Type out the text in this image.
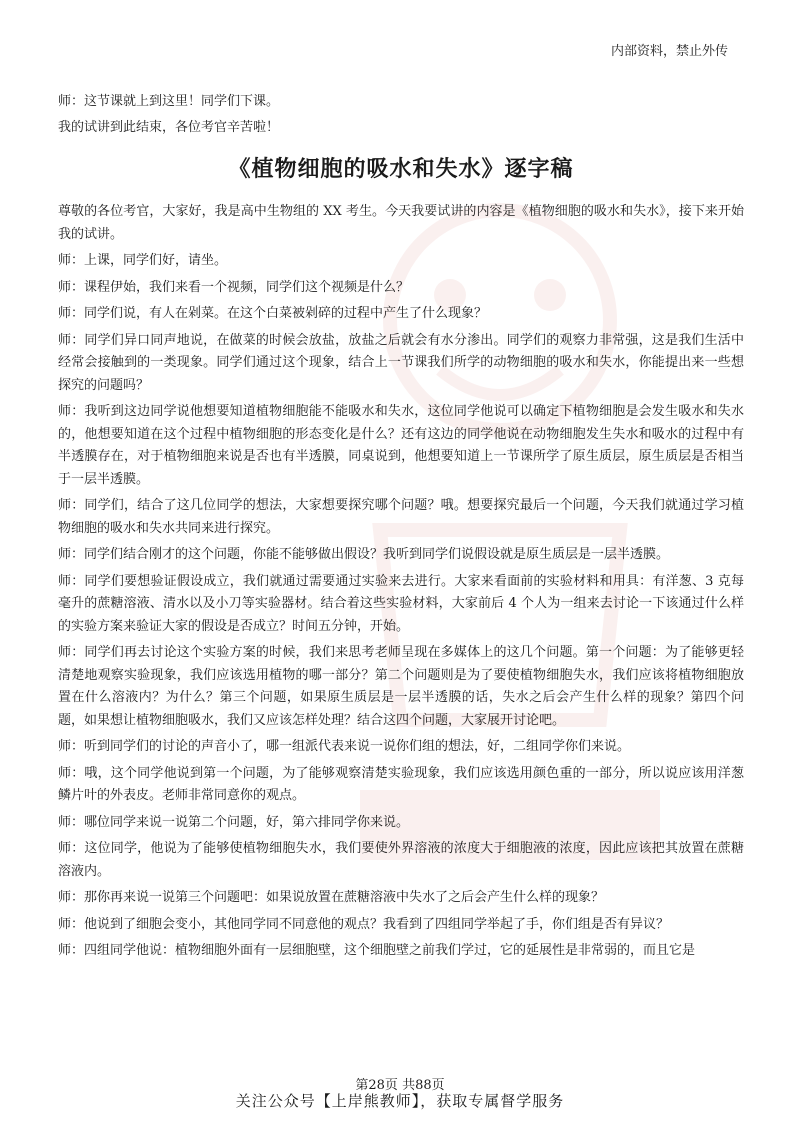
内部资料，禁止外传

师：这节课就上到这里！同学们下课。

我的试讲到此结束，各位考官辛苦啦！

《植物细胞的吸水和失水》逐字稿

尊敬的各位考官，大家好，我是高中生物组的 XX 考生。今天我要试讲的内容是《植物细胞的吸水和失水》，接下来开始我的试讲。

师：上课，同学们好，请坐。

师：课程伊始，我们来看一个视频，同学们这个视频是什么？

师：同学们说，有人在剁菜。在这个白菜被剁碎的过程中产生了什么现象？

师：同学们异口同声地说，在做菜的时候会放盐，放盐之后就会有水分渗出。同学们的观察力非常强，这是我们生活中经常会接触到的一类现象。同学们通过这个现象，结合上一节课我们所学的动物细胞的吸水和失水，你能提出来一些想探究的问题吗？

师：我听到这边同学说他想要知道植物细胞能不能吸水和失水，这位同学他说可以确定下植物细胞是会发生吸水和失水的，他想要知道在这个过程中植物细胞的形态变化是什么？还有这边的同学他说在动物细胞发生失水和吸水的过程中有半透膜存在，对于植物细胞来说是否也有半透膜，同桌说到，他想要知道上一节课所学了原生质层，原生质层是否相当于一层半透膜。

师：同学们，结合了这几位同学的想法，大家想要探究哪个问题？哦。想要探究最后一个问题，今天我们就通过学习植物细胞的吸水和失水共同来进行探究。

师：同学们结合刚才的这个问题，你能不能够做出假设？我听到同学们说假设就是原生质层是一层半透膜。

师：同学们要想验证假设成立，我们就通过需要通过实验来去进行。大家来看面前的实验材料和用具：有洋葱、3 克每毫升的蔗糖溶液、清水以及小刀等实验器材。结合着这些实验材料，大家前后 4 个人为一组来去讨论一下该通过什么样的实验方案来验证大家的假设是否成立？时间五分钟，开始。

师：同学们再去讨论这个实验方案的时候，我们来思考老师呈现在多媒体上的这几个问题。第一个问题：为了能够更轻清楚地观察实验现象，我们应该选用植物的哪一部分？第二个问题则是为了要使植物细胞失水，我们应该将植物细胞放置在什么溶液内？为什么？第三个问题，如果原生质层是一层半透膜的话，失水之后会产生什么样的现象？第四个问题，如果想让植物细胞吸水，我们又应该怎样处理？结合这四个问题，大家展开讨论吧。

师：听到同学们的讨论的声音小了，哪一组派代表来说一说你们组的想法，好，二组同学你们来说。

师：哦，这个同学他说到第一个问题，为了能够观察清楚实验现象，我们应该选用颜色重的一部分，所以说应该用洋葱鳞片叶的外表皮。老师非常同意你的观点。

师：哪位同学来说一说第二个问题，好，第六排同学你来说。

师：这位同学，他说为了能够使植物细胞失水，我们要使外界溶液的浓度大于细胞液的浓度，因此应该把其放置在蔗糖溶液内。

师：那你再来说一说第三个问题吧：如果说放置在蔗糖溶液中失水了之后会产生什么样的现象？

师：他说到了细胞会变小，其他同学同不同意他的观点？我看到了四组同学举起了手，你们组是否有异议？

师：四组同学他说：植物细胞外面有一层细胞壁，这个细胞壁之前我们学过，它的延展性是非常弱的，而且它是

第28页 共88页
关注公众号【上岸熊教师】，获取专属督学服务
